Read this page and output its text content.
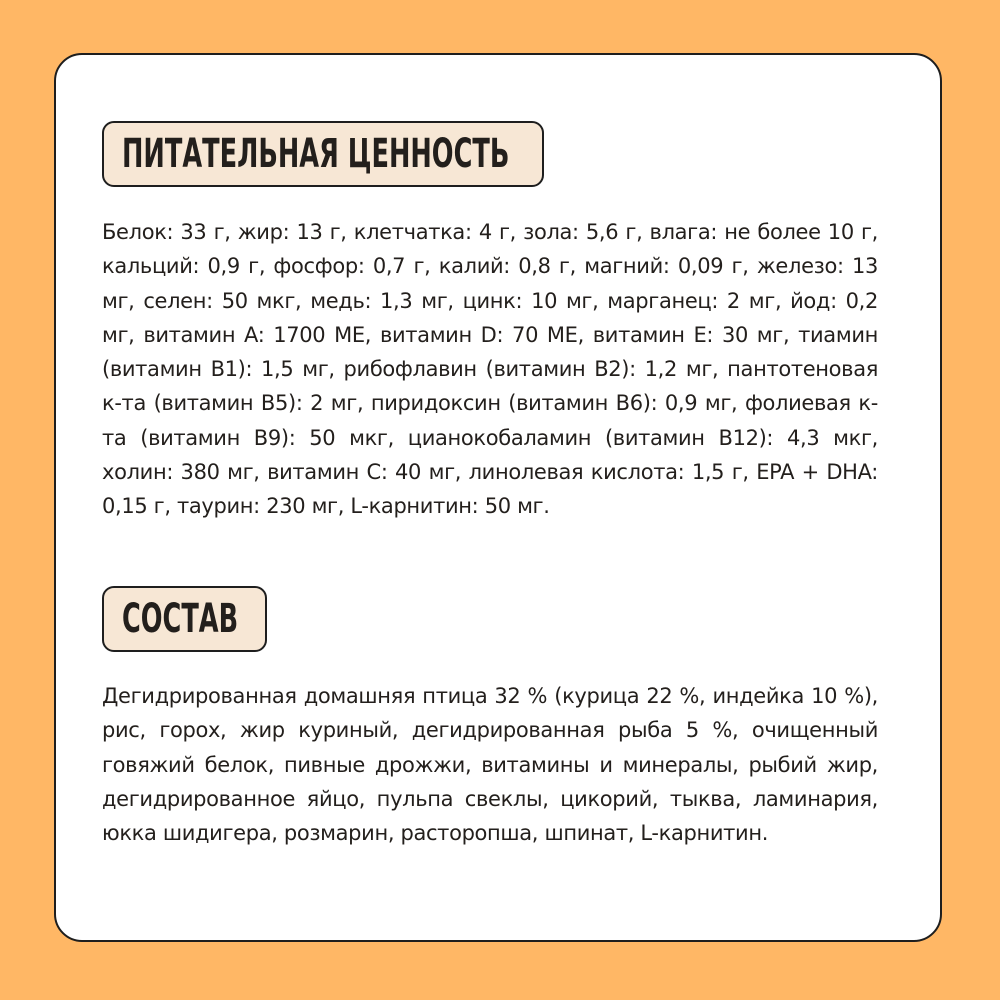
ПИТАТЕЛЬНАЯ ЦЕННОСТЬ

Белок: 33 г, жир: 13 г, клетчатка: 4 г, зола: 5,6 г, влага: не более 10 г, кальций: 0,9 г, фосфор: 0,7 г, калий: 0,8 г, магний: 0,09 г, железо: 13 мг, селен: 50 мкг, медь: 1,3 мг, цинк: 10 мг, марганец: 2 мг, йод: 0,2 мг, витамин A: 1700 МЕ, витамин D: 70 МЕ, витамин E: 30 мг, тиамин (витамин B1): 1,5 мг, рибофлавин (витамин B2): 1,2 мг, пантотеновая к-та (витамин B5): 2 мг, пиридоксин (витамин B6): 0,9 мг, фолиевая к-та (витамин B9): 50 мкг, цианокобаламин (витамин B12): 4,3 мкг, холин: 380 мг, витамин C: 40 мг, линолевая кислота: 1,5 г, EPA + DHA: 0,15 г, таурин: 230 мг, L-карнитин: 50 мг.

СОСТАВ

Дегидрированная домашняя птица 32 % (курица 22 %, индейка 10 %), рис, горох, жир куриный, дегидрированная рыба 5 %, очищенный говяжий белок, пивные дрожжи, витамины и минералы, рыбий жир, дегидрированное яйцо, пульпа свеклы, цикорий, тыква, ламинария, юкка шидигера, розмарин, расторопша, шпинат, L-карнитин.
